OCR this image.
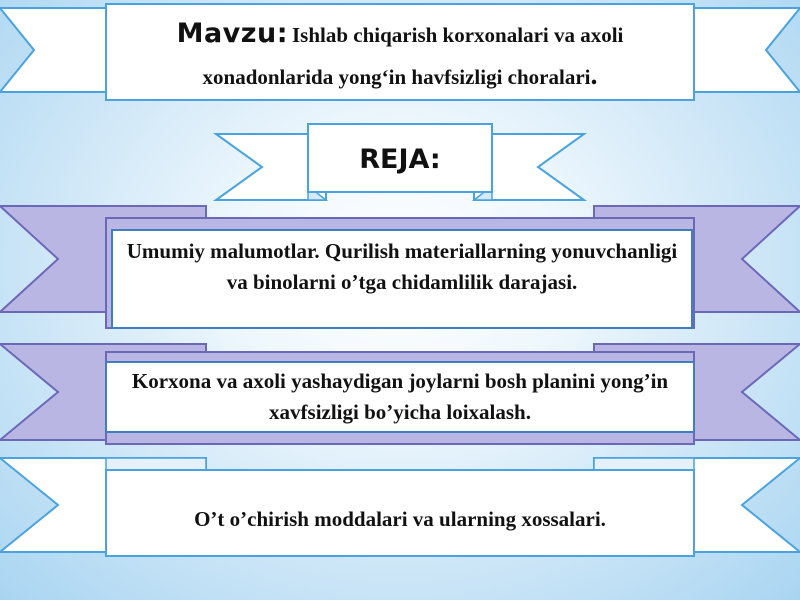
Mavzu: Ishlab chiqarish korxonalari va axoli
xonadonlarida yong‘in havfsizligi choralari.
REJA:
Umumiy malumotlar. Qurilish materiallarning yonuvchanligi va binolarni o’tga chidamlilik darajasi.
Korxona va axoli yashaydigan joylarni bosh planini yong’in xavfsizligi bo’yicha loixalash.
O’t o’chirish moddalari va ularning xossalari.
